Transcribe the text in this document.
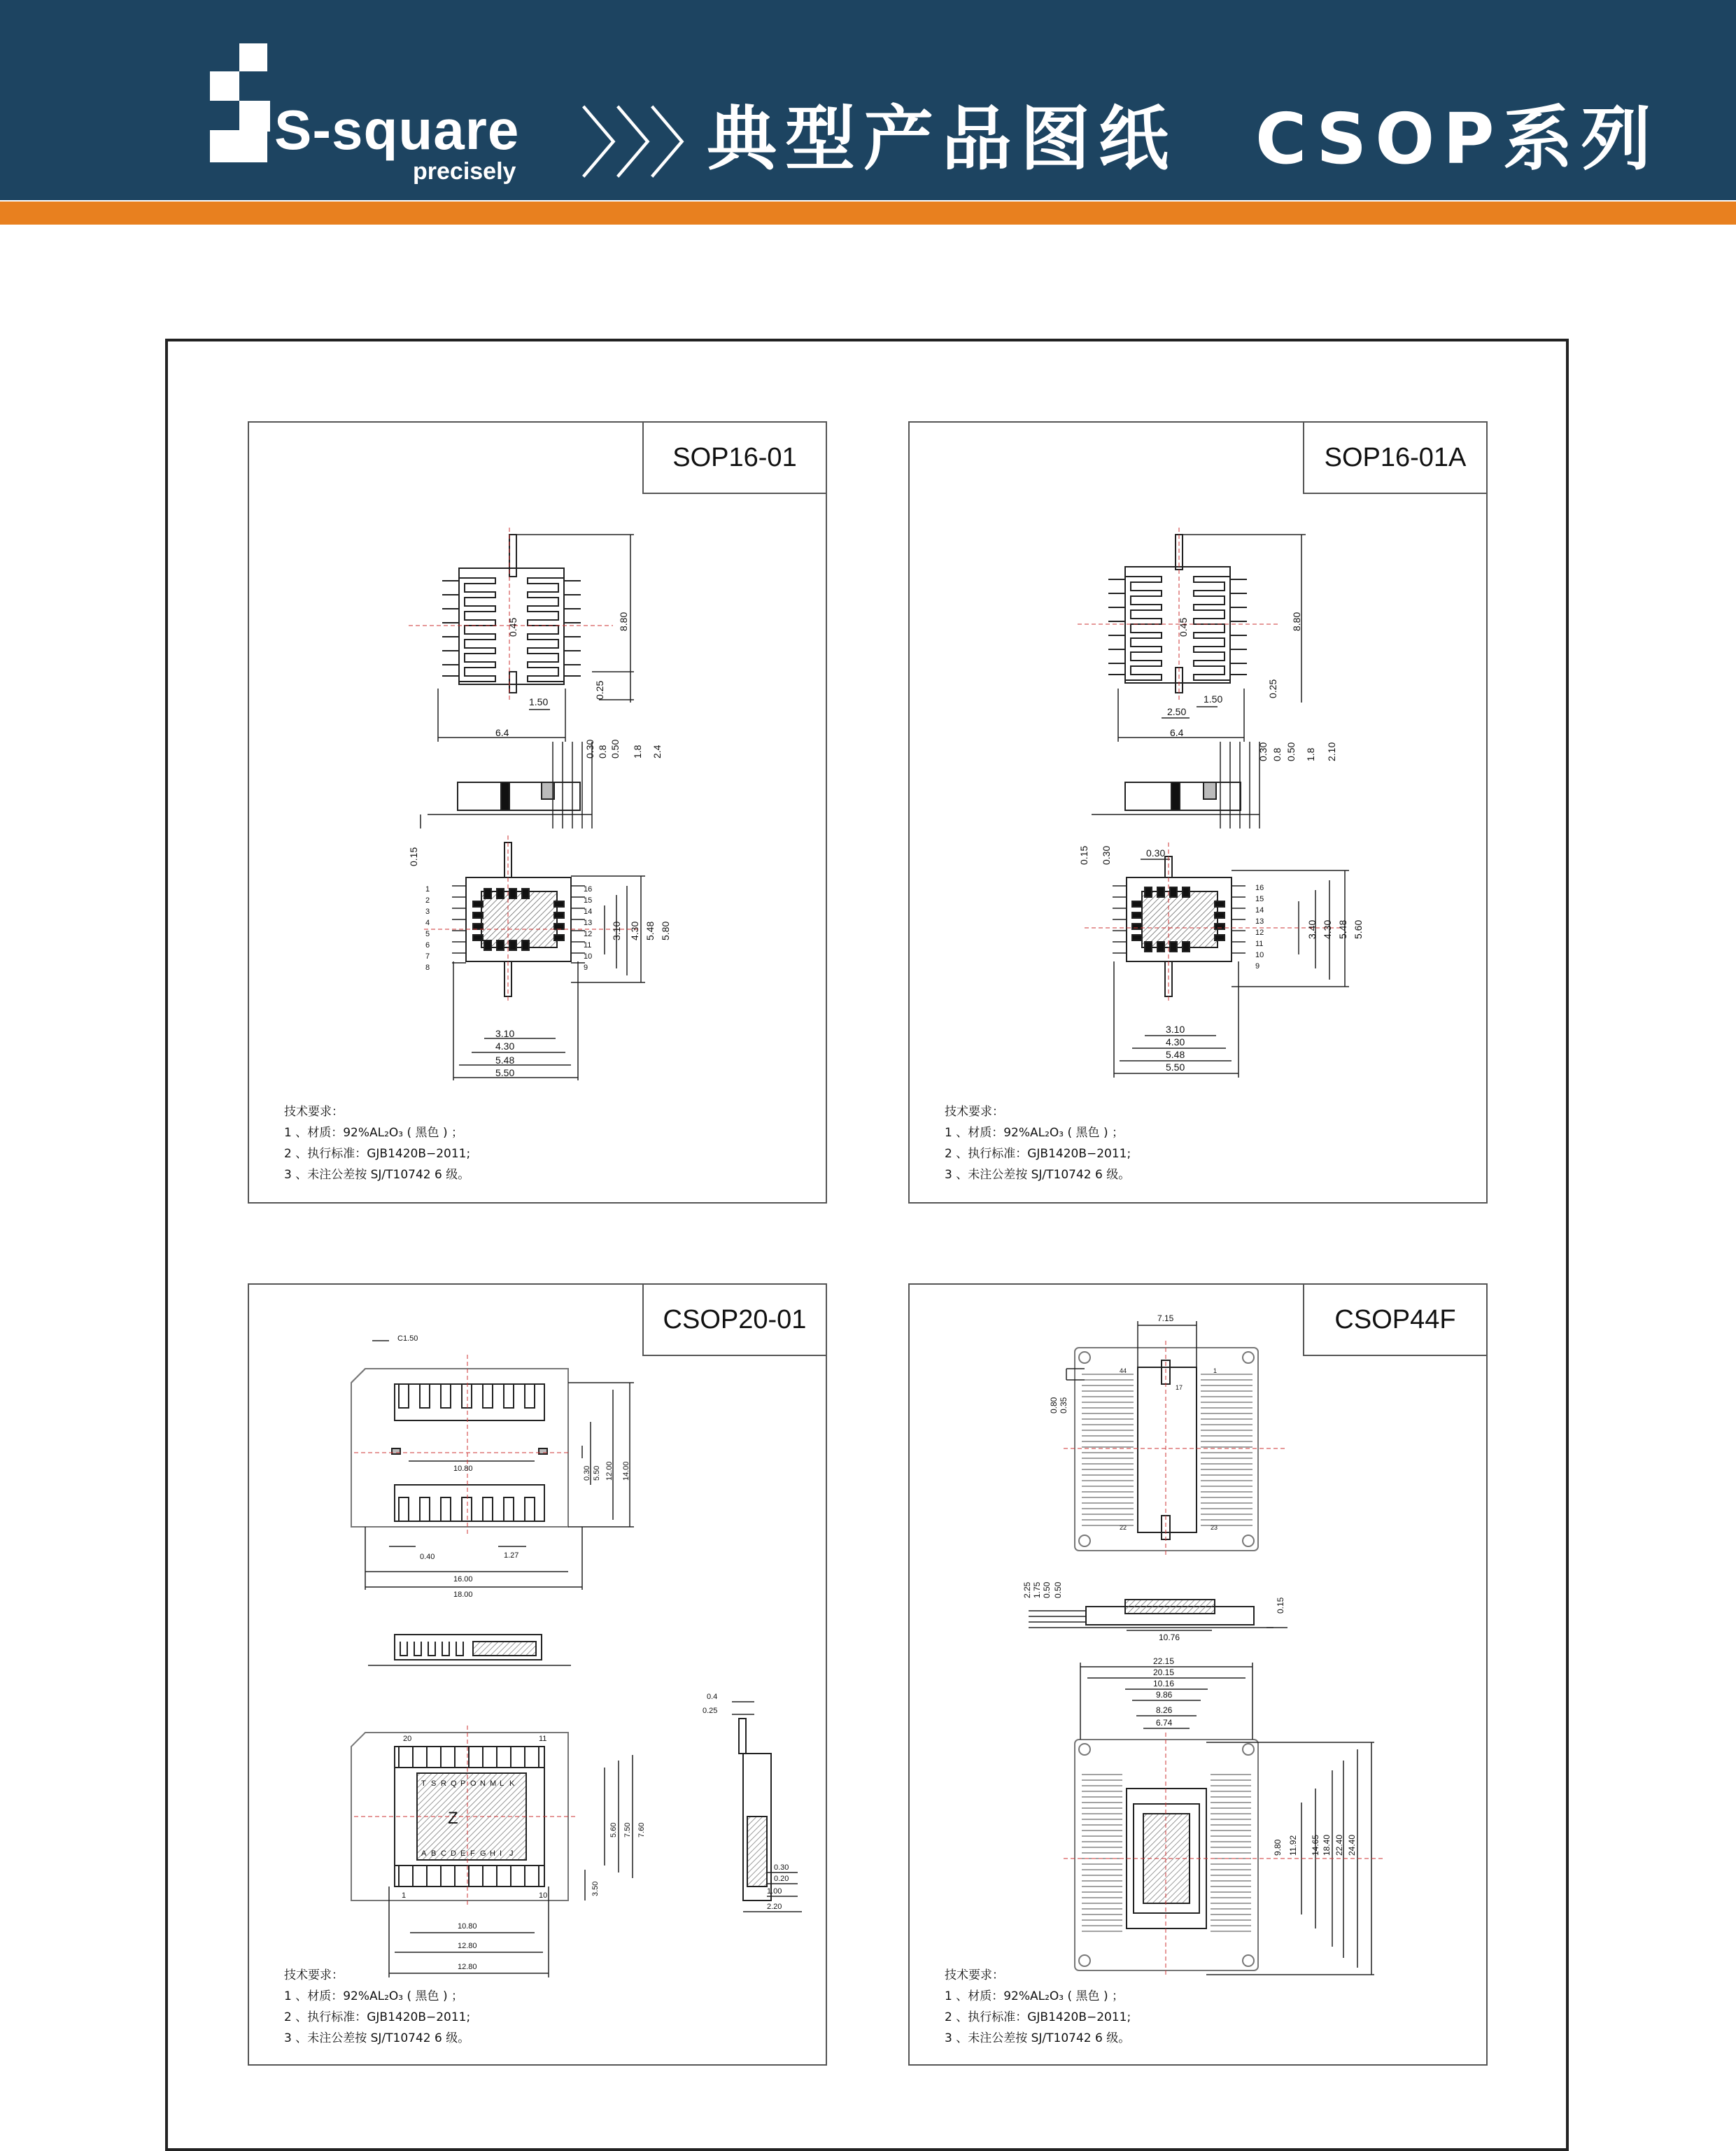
S-square
precisely 〉〉〉
典型产品图纸　CSOP系列
SOP16-01
6.4
1.50
8.80
0.45
0.25
0.30 0.8 0.50 1.8 2.4
0.15
3.10
4.30
5.48
5.50
3.10 4.30 5.48 5.80
1
2
3
4
5
6
7
8
16
15
14
13
12
11
10
9
技术要求：
1 、材质：92%AL₂O₃ ( 黑色 ) ；
2 、执行标准：GJB1420B−2011;
3 、未注公差按 SJ/T10742 6 级。
SOP16-01A
6.4
1.50
2.50
8.80
0.45
0.25
0.30 0.8 0.50 1.8 2.10
0.15 0.30	0.30
3.10
4.30
5.48
5.50
3.40 4.30 5.48 5.60
16
15
14
13
12
11
10
9
技术要求：
1 、材质：92%AL₂O₃ ( 黑色 ) ；
2 、执行标准：GJB1420B−2011;
3 、未注公差按 SJ/T10742 6 级。
CSOP20-01
C1.50
10.80
0.40	1.27
16.00
18.00
0.30 5.50 12.00 14.00
20	11
1	10
10.80
12.80
12.80
5.60 7.50 7.60
3.50
0.4
0.25
0.30
0.20
1.00
2.20
T S R Q P O N M L K
A B C D E F G H I J
Z
技术要求：
1 、材质：92%AL₂O₃ ( 黑色 ) ；
2 、执行标准：GJB1420B−2011;
3 、未注公差按 SJ/T10742 6 级。
CSOP44F
7.15
0.80 0.35
2.25 1.75 0.50 0.50
10.76
0.15
22.15
20.15
10.16
9.86
8.26
6.74
9.80 11.92 14.65 18.40 22.40 24.40
1
44
17
22	23
技术要求：
1 、材质：92%AL₂O₃ ( 黑色 ) ；
2 、执行标准：GJB1420B−2011;
3 、未注公差按 SJ/T10742 6 级。
